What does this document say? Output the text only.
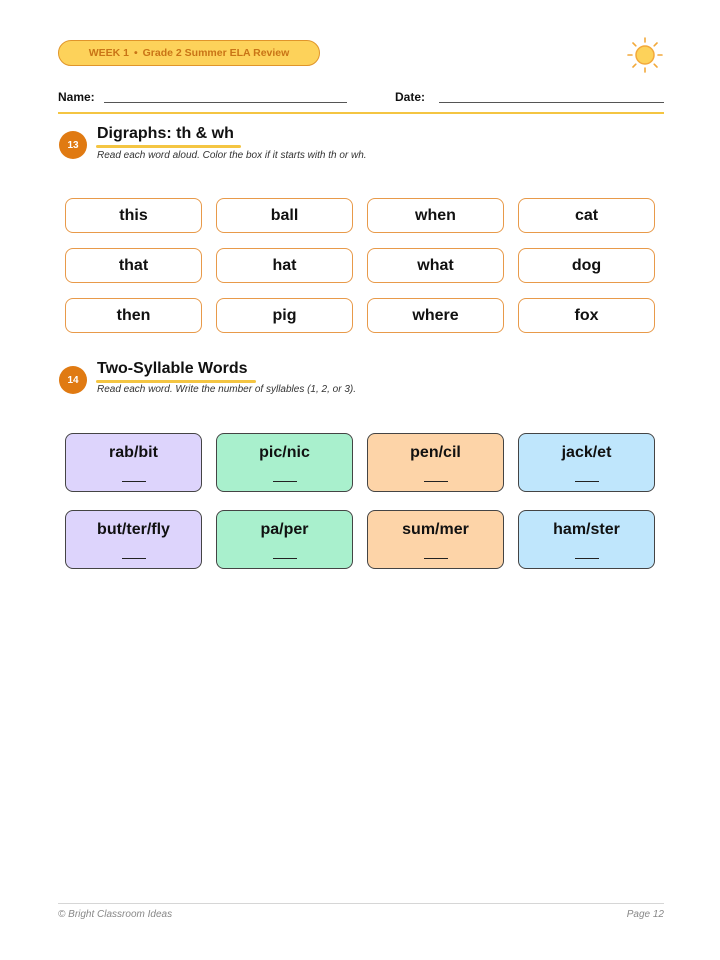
WEEK 1 • Grade 2 Summer ELA Review
Name:	Date:
13
Digraphs: th & wh
Read each word aloud. Color the box if it starts with th or wh.
this	ball	when	cat
that	hat	what	dog
then	pig	where	fox
14
Two-Syllable Words
Read each word. Write the number of syllables (1, 2, or 3).
rab/bit	pic/nic	pen/cil	jack/et
but/ter/fly	pa/per	sum/mer	ham/ster
© Bright Classroom Ideas	Page 12
